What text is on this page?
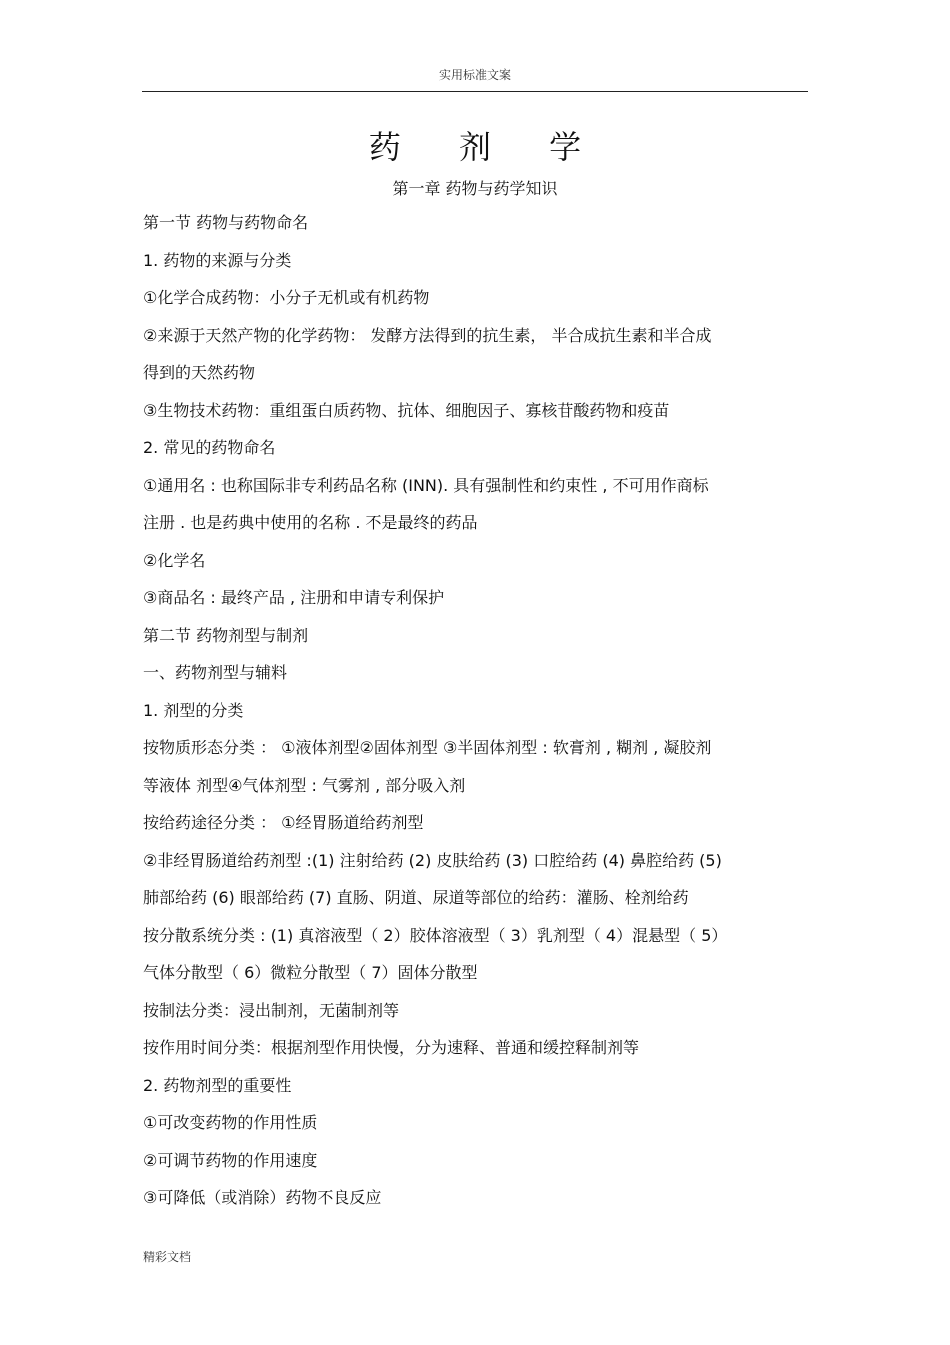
实用标准文案
药 剂 学
第一章 药物与药学知识
第一节 药物与药物命名
1. 药物的来源与分类
①化学合成药物：小分子无机或有机药物
②来源于天然产物的化学药物： 发酵方法得到的抗生素， 半合成抗生素和半合成
得到的天然药物
③生物技术药物：重组蛋白质药物、抗体、细胞因子、寡核苷酸药物和疫苗
2. 常见的药物命名
①通用名 : 也称国际非专利药品名称 (INN). 具有强制性和约束性 , 不可用作商标
注册 . 也是药典中使用的名称 . 不是最终的药品
②化学名
③商品名 : 最终产品 , 注册和申请专利保护
第二节 药物剂型与制剂
一、药物剂型与辅料
1. 剂型的分类
按物质形态分类 ： ①液体剂型②固体剂型 ③半固体剂型 : 软膏剂 , 糊剂 , 凝胶剂
等液体 剂型④气体剂型 : 气雾剂 , 部分吸入剂
按给药途径分类 ： ①经胃肠道给药剂型
②非经胃肠道给药剂型 :(1) 注射给药 (2) 皮肤给药 (3) 口腔给药 (4) 鼻腔给药 (5)
肺部给药 (6) 眼部给药 (7) 直肠、阴道、尿道等部位的给药：灌肠、栓剂给药
按分散系统分类 : (1) 真溶液型（ 2）胶体溶液型（ 3）乳剂型（ 4）混悬型（ 5）
气体分散型（ 6）微粒分散型（ 7）固体分散型
按制法分类：浸出制剂，无菌制剂等
按作用时间分类：根据剂型作用快慢，分为速释、普通和缓控释制剂等
2. 药物剂型的重要性
①可改变药物的作用性质
②可调节药物的作用速度
③可降低（或消除）药物不良反应
精彩文档
